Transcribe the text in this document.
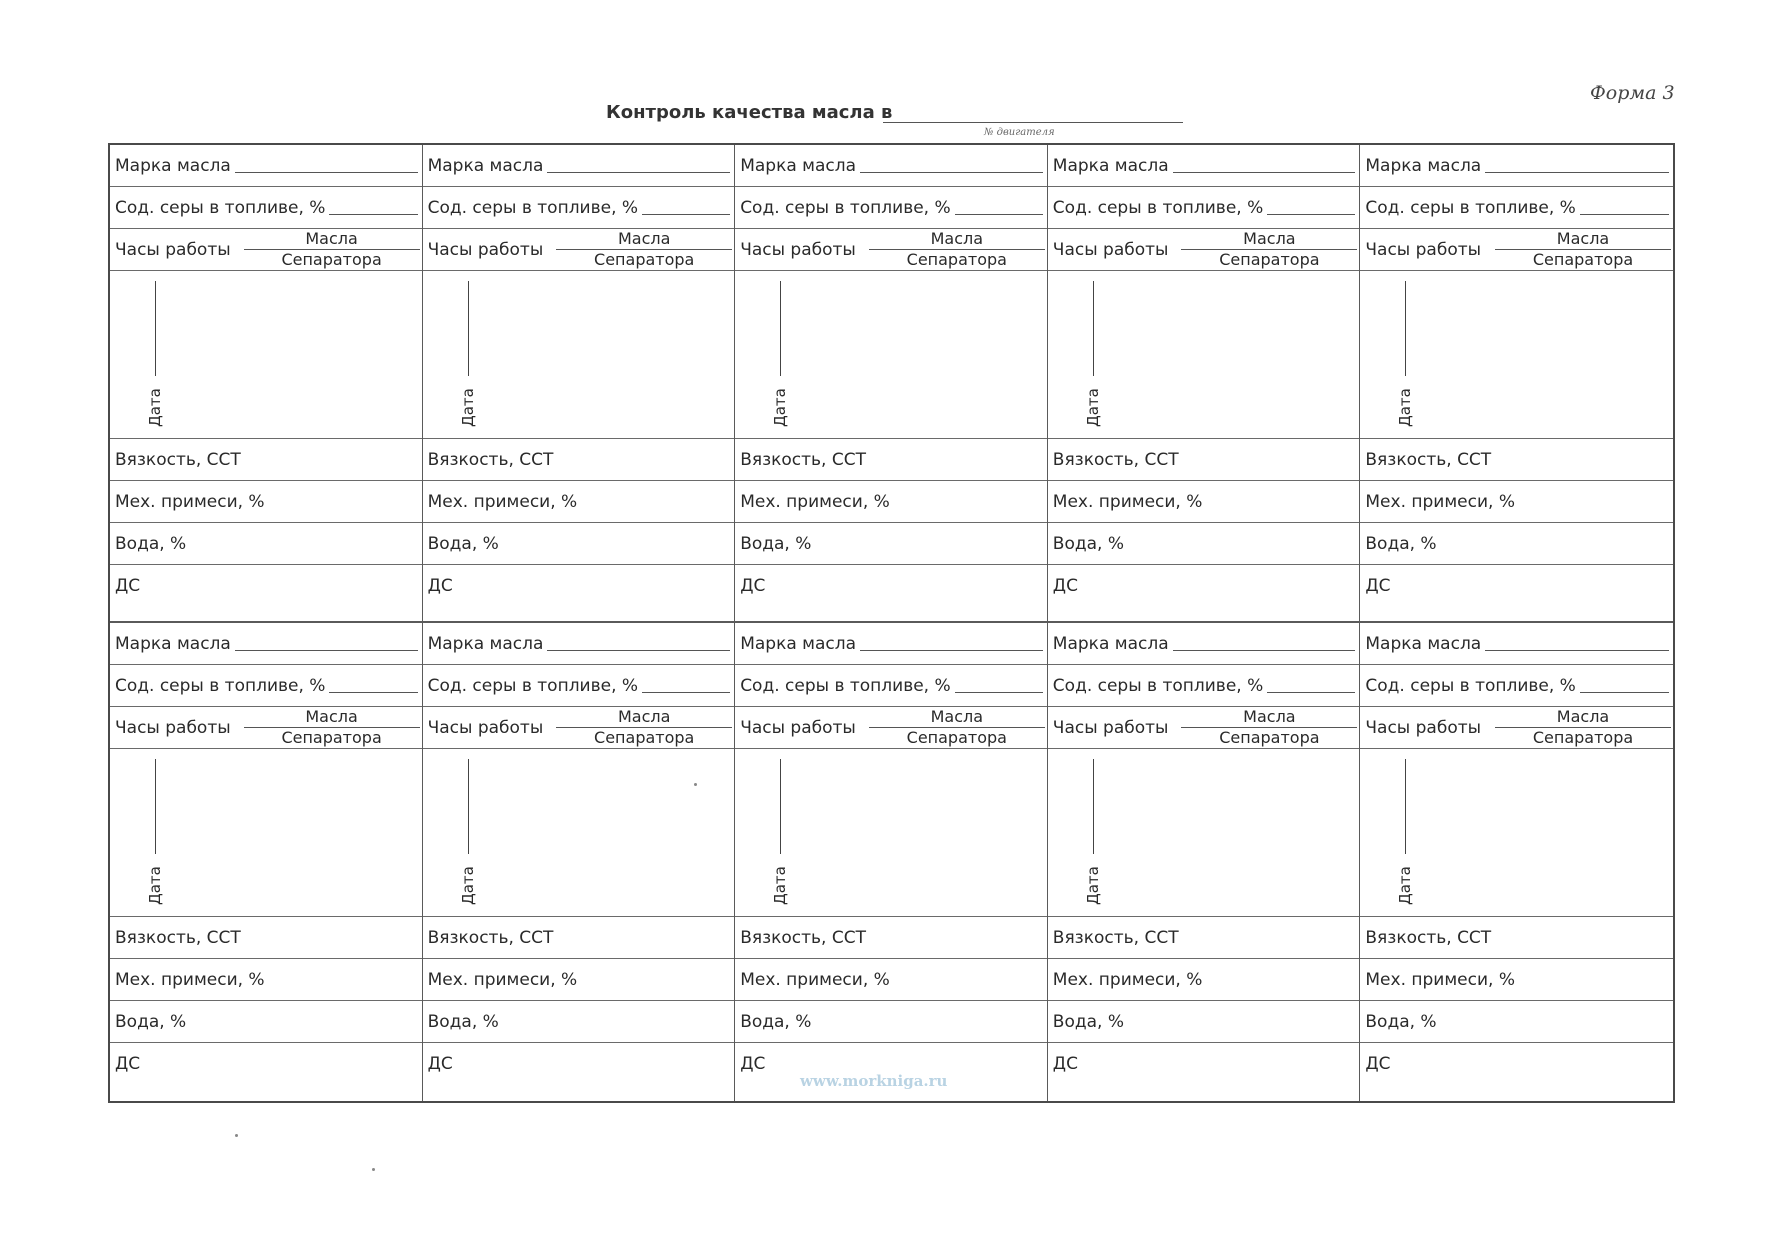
Форма 3
Контроль качества масла в
№ двигателя
Марка масла
Сод. серы в топливе, %
Часы работы $\frac{\text{Масла}}{\text{Сепаратора}}$
Дата
Вязкость, ССТ
Мех. примеси, %
Вода, %
ДС
Марка масла
Сод. серы в топливе, %
Часы работы $\frac{\text{Масла}}{\text{Сепаратора}}$
Дата
Вязкость, ССТ
Мех. примеси, %
Вода, %
ДС
Марка масла
Сод. серы в топливе, %
Часы работы $\frac{\text{Масла}}{\text{Сепаратора}}$
Дата
Вязкость, ССТ
Мех. примеси, %
Вода, %
ДС
Марка масла
Сод. серы в топливе, %
Часы работы $\frac{\text{Масла}}{\text{Сепаратора}}$
Дата
Вязкость, ССТ
Мех. примеси, %
Вода, %
ДС
Марка масла
Сод. серы в топливе, %
Часы работы $\frac{\text{Масла}}{\text{Сепаратора}}$
Дата
Вязкость, ССТ
Мех. примеси, %
Вода, %
ДС
Марка масла
Сод. серы в топливе, %
Часы работы $\frac{\text{Масла}}{\text{Сепаратора}}$
Дата
Вязкость, ССТ
Мех. примеси, %
Вода, %
ДС
Марка масла
Сод. серы в топливе, %
Часы работы $\frac{\text{Масла}}{\text{Сепаратора}}$
Дата
Вязкость, ССТ
Мех. примеси, %
Вода, %
ДС
Марка масла
Сод. серы в топливе, %
Часы работы $\frac{\text{Масла}}{\text{Сепаратора}}$
Дата
Вязкость, ССТ
Мех. примеси, %
Вода, %
ДС
Марка масла
Сод. серы в топливе, %
Часы работы $\frac{\text{Масла}}{\text{Сепаратора}}$
Дата
Вязкость, ССТ
Мех. примеси, %
Вода, %
ДС
Марка масла
Сод. серы в топливе, %
Часы работы $\frac{\text{Масла}}{\text{Сепаратора}}$
Дата
Вязкость, ССТ
Мех. примеси, %
Вода, %
ДС
www.morkniga.ru
